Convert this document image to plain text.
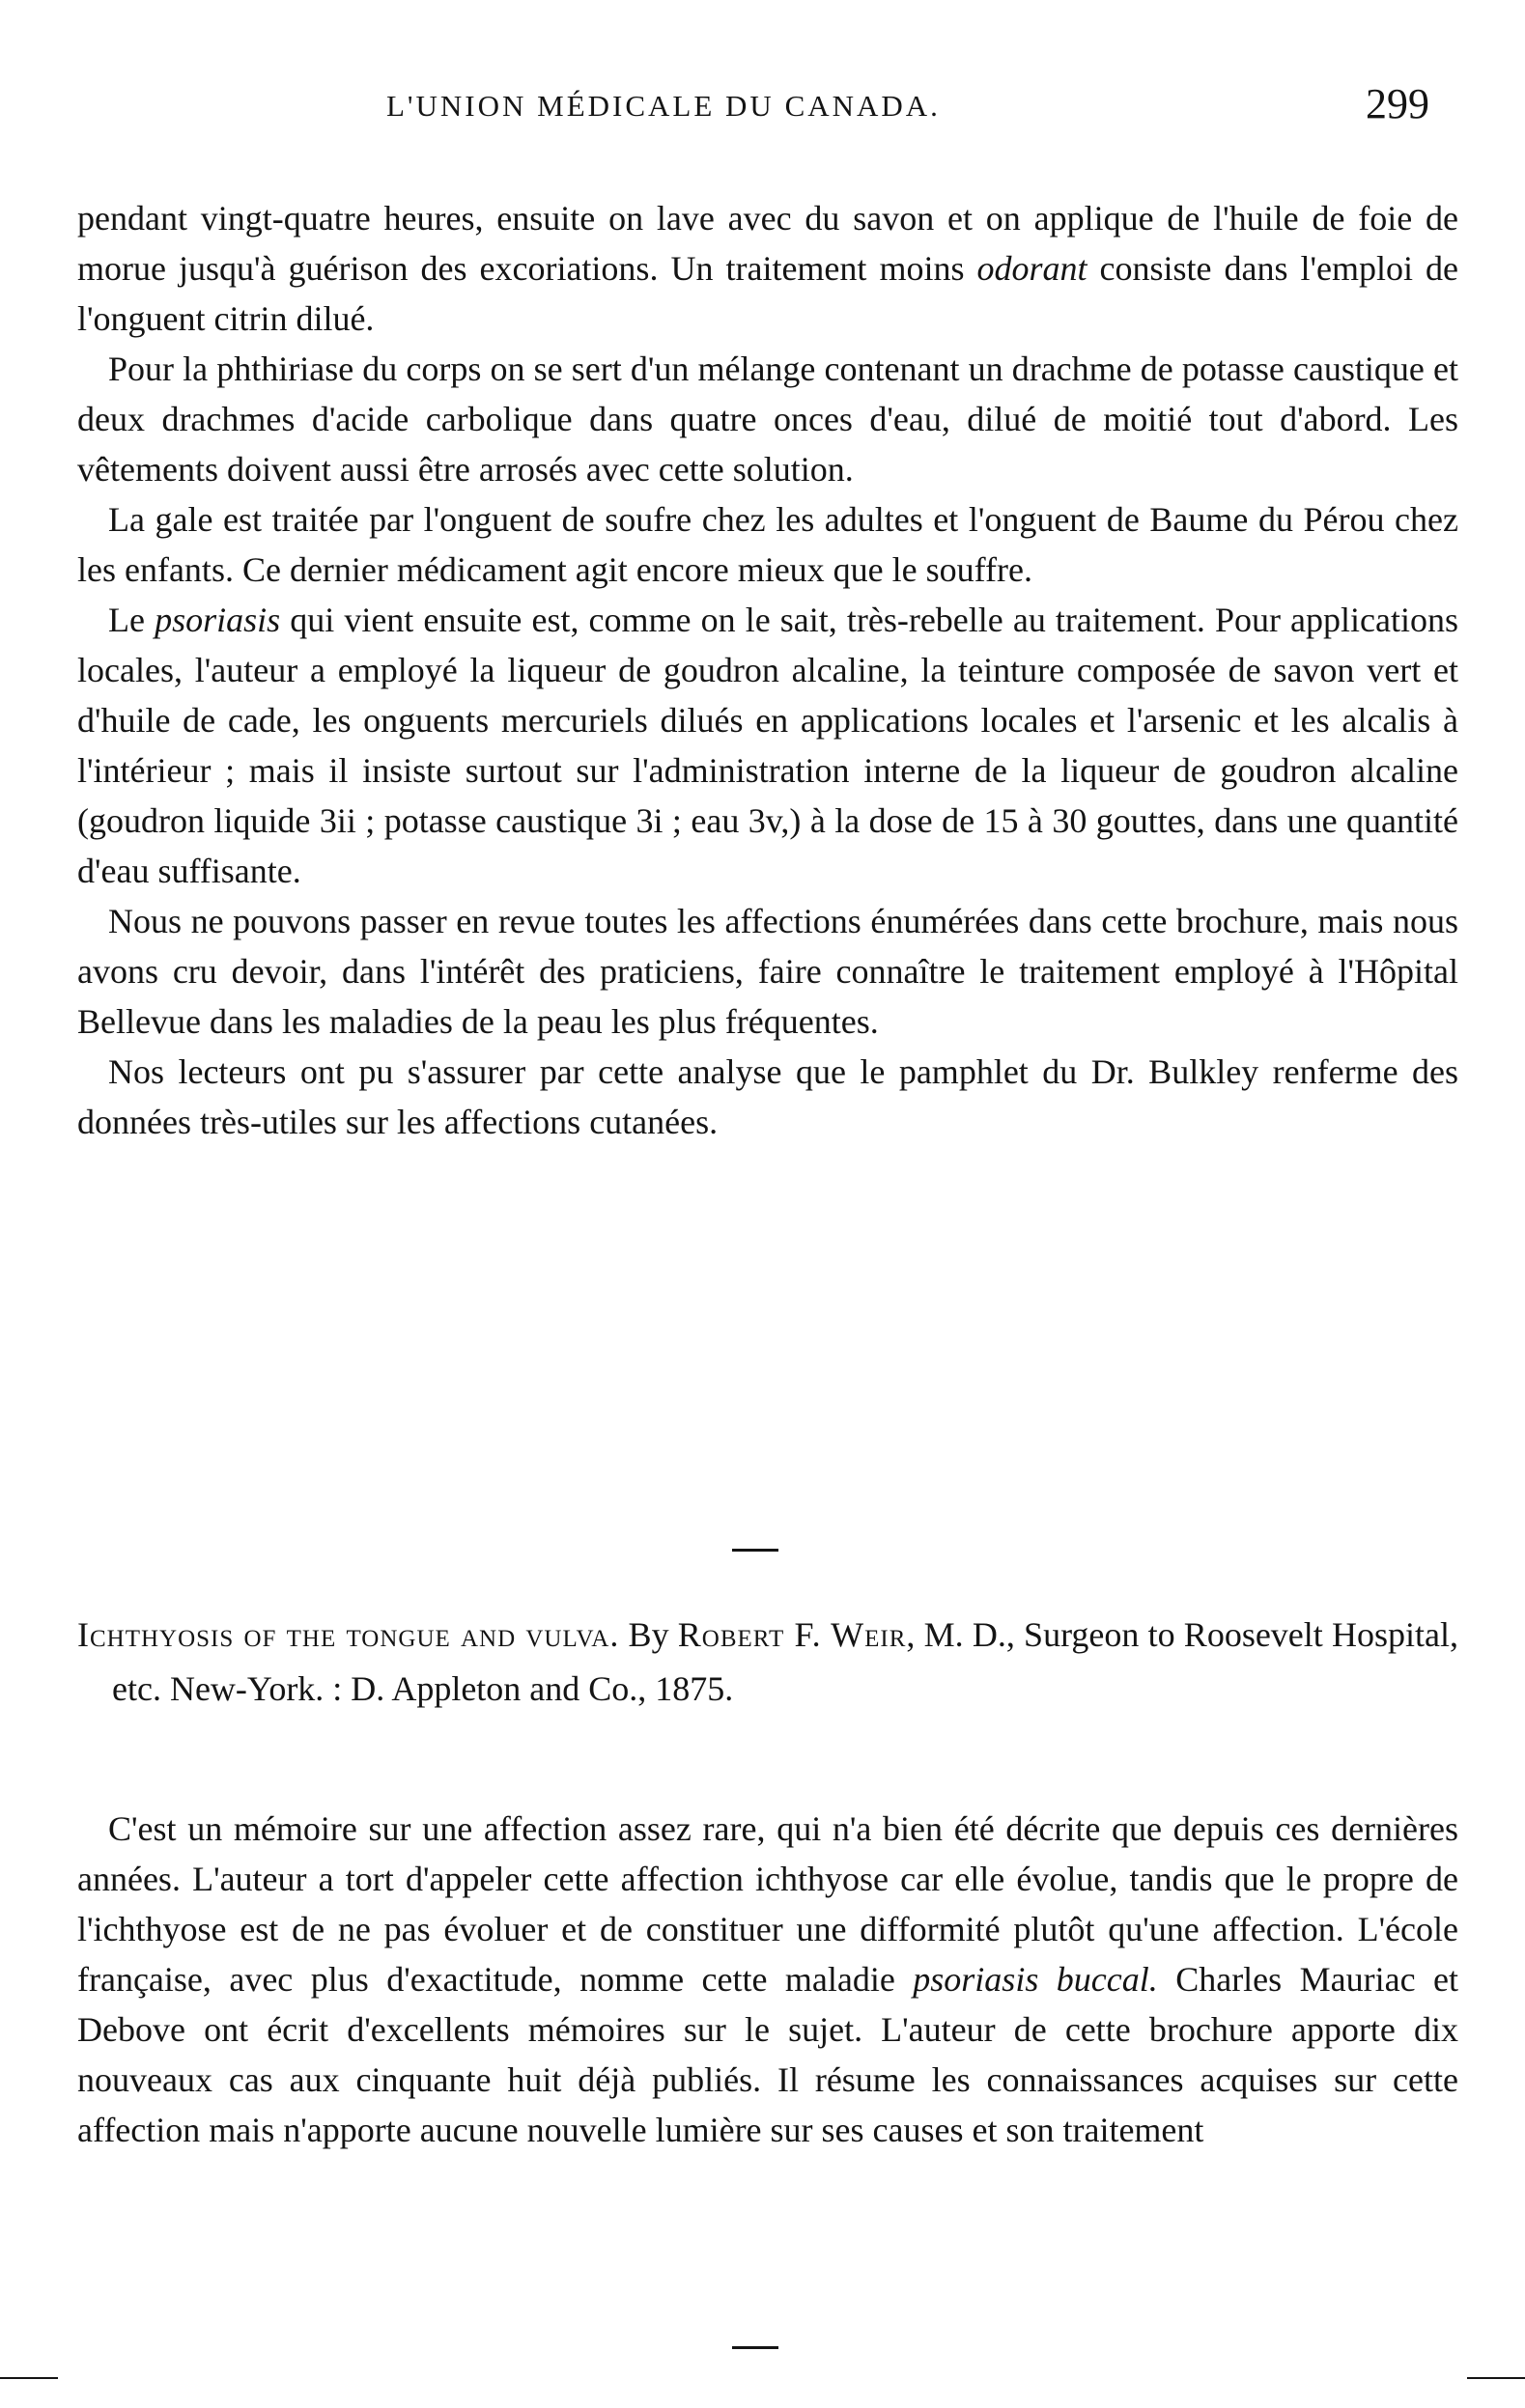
L'UNION MÉDICALE DU CANADA.	299

pendant vingt-quatre heures, ensuite on lave avec du savon et on applique de l'huile de foie de morue jusqu'à guérison des excoriations. Un traitement moins odorant consiste dans l'emploi de l'onguent citrin dilué.

Pour la phthiriase du corps on se sert d'un mélange contenant un drachme de potasse caustique et deux drachmes d'acide carbolique dans quatre onces d'eau, dilué de moitié tout d'abord. Les vêtements doivent aussi être arrosés avec cette solution.

La gale est traitée par l'onguent de soufre chez les adultes et l'onguent de Baume du Pérou chez les enfants. Ce dernier médicament agit encore mieux que le souffre.

Le psoriasis qui vient ensuite est, comme on le sait, très-rebelle au traitement. Pour applications locales, l'auteur a employé la liqueur de goudron alcaline, la teinture composée de savon vert et d'huile de cade, les onguents mercuriels dilués en applications locales et l'arsenic et les alcalis à l'intérieur ; mais il insiste surtout sur l'administration interne de la liqueur de goudron alcaline (goudron liquide 3ii ; potasse caustique 3i ; eau 3v,) à la dose de 15 à 30 gouttes, dans une quantité d'eau suffisante.

Nous ne pouvons passer en revue toutes les affections énumérées dans cette brochure, mais nous avons cru devoir, dans l'intérêt des praticiens, faire connaître le traitement employé à l'Hôpital Bellevue dans les maladies de la peau les plus fréquentes.

Nos lecteurs ont pu s'assurer par cette analyse que le pamphlet du Dr. Bulkley renferme des données très-utiles sur les affections cutanées.

Ichthyosis of the tongue and vulva. By Robert F. Weir, M. D., Surgeon to Roosevelt Hospital, etc. New-York. : D. Appleton and Co., 1875.

C'est un mémoire sur une affection assez rare, qui n'a bien été décrite que depuis ces dernières années. L'auteur a tort d'appeler cette affection ichthyose car elle évolue, tandis que le propre de l'ichthyose est de ne pas évoluer et de constituer une difformité plutôt qu'une affection. L'école française, avec plus d'exactitude, nomme cette maladie psoriasis buccal. Charles Mauriac et Debove ont écrit d'excellents mémoires sur le sujet. L'auteur de cette brochure apporte dix nouveaux cas aux cinquante huit déjà publiés. Il résume les connaissances acquises sur cette affection mais n'apporte aucune nouvelle lumière sur ses causes et son traitement
